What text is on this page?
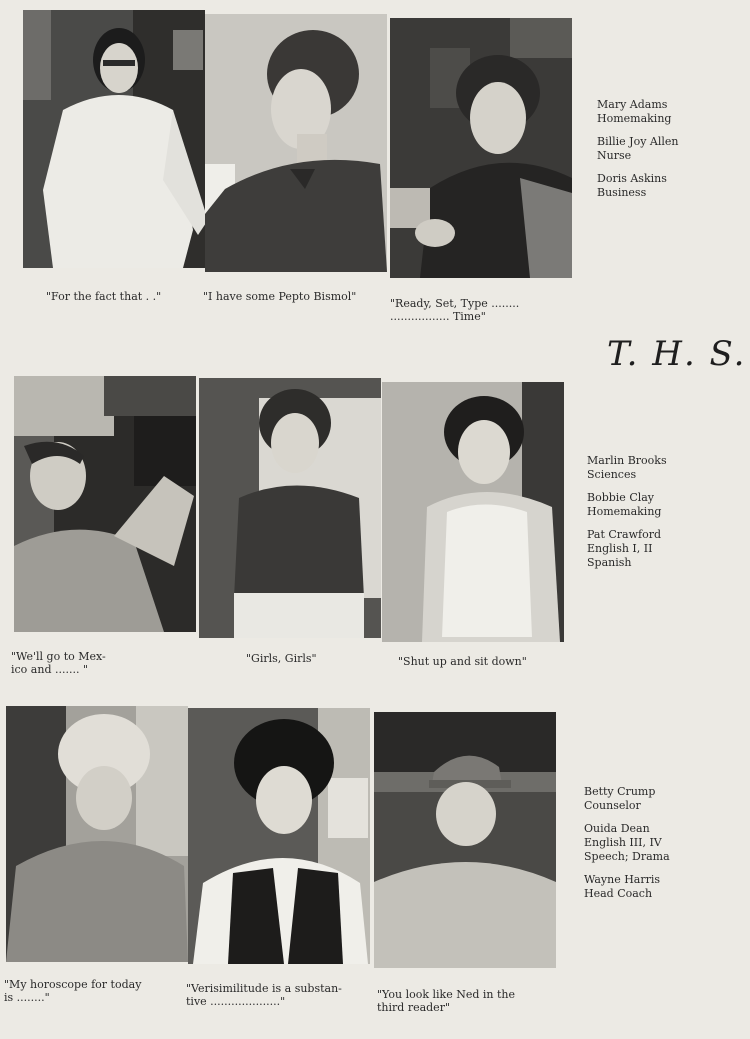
"For the fact that . ."	"I have some Pepto Bismol"
"Ready, Set, Type ........
................. Time"
Mary Adams
Homemaking
Billie Joy Allen
Nurse
Doris Askins
Business
T. H. S.
"We'll go to Mex-
ico and ....... "
"Girls, Girls"	"Shut up and sit down"
Marlin Brooks
Sciences
Bobbie Clay
Homemaking
Pat Crawford
English I, II
Spanish
"My horoscope for today
is ........"
"Verisimilitude is a substan-
tive ...................."
"You look like Ned in the
third reader"
Betty Crump
Counselor
Ouida Dean
English III, IV
Speech; Drama
Wayne Harris
Head Coach
